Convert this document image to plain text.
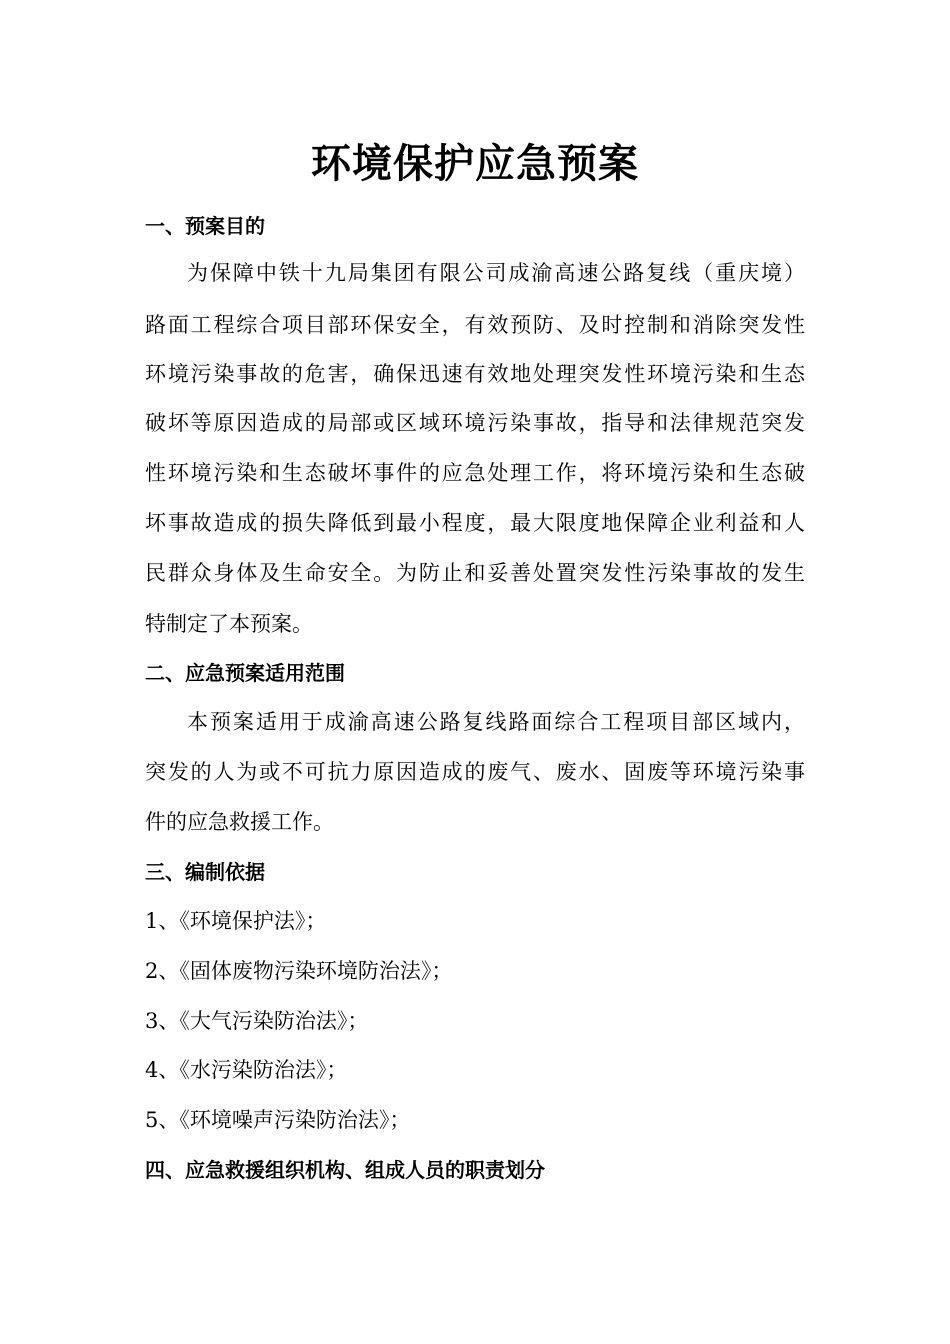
环境保护应急预案
一、预案目的
为保障中铁十九局集团有限公司成渝高速公路复线（重庆境）
路面工程综合项目部环保安全，有效预防、及时控制和消除突发性
环境污染事故的危害，确保迅速有效地处理突发性环境污染和生态
破坏等原因造成的局部或区域环境污染事故，指导和法律规范突发
性环境污染和生态破坏事件的应急处理工作，将环境污染和生态破
坏事故造成的损失降低到最小程度，最大限度地保障企业利益和人
民群众身体及生命安全。为防止和妥善处置突发性污染事故的发生
特制定了本预案。
二、应急预案适用范围
本预案适用于成渝高速公路复线路面综合工程项目部区域内，
突发的人为或不可抗力原因造成的废气、废水、固废等环境污染事
件的应急救援工作。
三、编制依据
1、《环境保护法》；
2、《固体废物污染环境防治法》；
3、《大气污染防治法》；
4、《水污染防治法》；
5、《环境噪声污染防治法》；
四、应急救援组织机构、组成人员的职责划分
